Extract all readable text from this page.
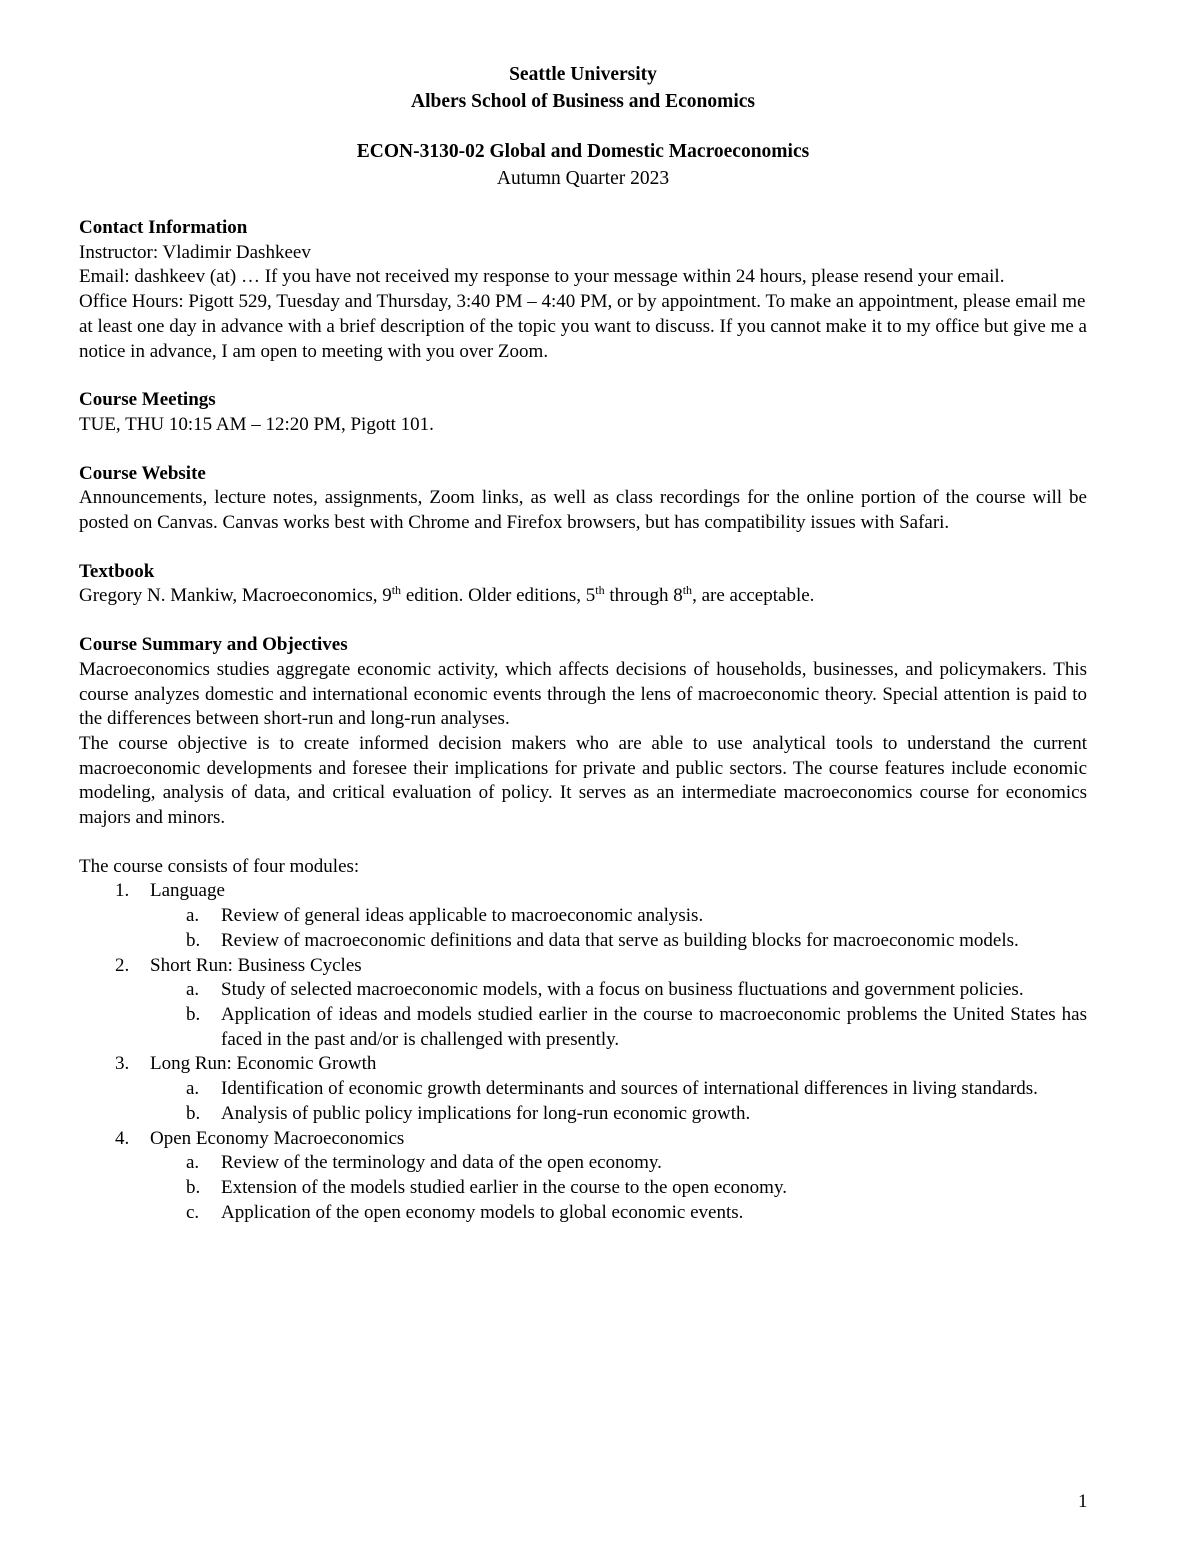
Seattle University
Albers School of Business and Economics
ECON-3130-02 Global and Domestic Macroeconomics
Autumn Quarter 2023
Contact Information

Instructor: Vladimir Dashkeev

Email: dashkeev (at) … If you have not received my response to your message within 24 hours, please resend your email.

Office Hours: Pigott 529, Tuesday and Thursday, 3:40 PM – 4:40 PM, or by appointment. To make an appointment, please email me at least one day in advance with a brief description of the topic you want to discuss. If you cannot make it to my office but give me a notice in advance, I am open to meeting with you over Zoom.

Course Meetings

TUE, THU 10:15 AM – 12:20 PM, Pigott 101.

Course Website

Announcements, lecture notes, assignments, Zoom links, as well as class recordings for the online portion of the course will be posted on Canvas. Canvas works best with Chrome and Firefox browsers, but has compatibility issues with Safari.

Textbook

Gregory N. Mankiw, Macroeconomics, 9th edition. Older editions, 5th through 8th, are acceptable.

Course Summary and Objectives

Macroeconomics studies aggregate economic activity, which affects decisions of households, businesses, and policymakers. This course analyzes domestic and international economic events through the lens of macroeconomic theory. Special attention is paid to the differences between short-run and long-run analyses.

The course objective is to create informed decision makers who are able to use analytical tools to understand the current macroeconomic developments and foresee their implications for private and public sectors. The course features include economic modeling, analysis of data, and critical evaluation of policy. It serves as an intermediate macroeconomics course for economics majors and minors.

The course consists of four modules:

1. Language
a. Review of general ideas applicable to macroeconomic analysis.
b. Review of macroeconomic definitions and data that serve as building blocks for macroeconomic models.
2. Short Run: Business Cycles
a. Study of selected macroeconomic models, with a focus on business fluctuations and government policies.
b. Application of ideas and models studied earlier in the course to macroeconomic problems the United States has faced in the past and/or is challenged with presently.
3. Long Run: Economic Growth
a. Identification of economic growth determinants and sources of international differences in living standards.
b. Analysis of public policy implications for long-run economic growth.
4. Open Economy Macroeconomics
a. Review of the terminology and data of the open economy.
b. Extension of the models studied earlier in the course to the open economy.
c. Application of the open economy models to global economic events.
1
